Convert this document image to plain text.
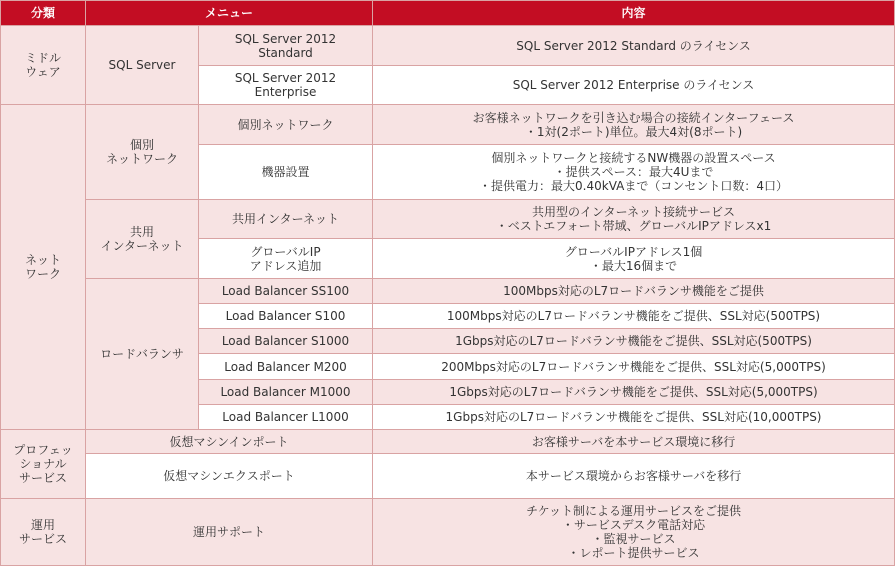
分類	メニュー		内容

ミドル
ウェア	SQL Server	SQL Server 2012
Standard	SQL Server 2012 Standard のライセンス

		SQL Server 2012
Enterprise	SQL Server 2012 Enterprise のライセンス

ネット
ワーク	個別
ネットワーク	個別ネットワーク	お客様ネットワークを引き込む場合の接続インターフェース
・1対(2ポート)単位。最大4対(8ポート)

		機器設置	個別ネットワークと接続するNW機器の設置スペース
・提供スペース：最大4Uまで
・提供電力：最大0.40kVAまで（コンセント口数：4口）

	共用
インターネット	共用インターネット	共用型のインターネット接続サービス
・ベストエフォート帯域、グローバルIPアドレスx1

		グローバルIP
アドレス追加	グローバルIPアドレス1個
・最大16個まで

	ロードバランサ	Load Balancer SS100	100Mbps対応のL7ロードバランサ機能をご提供

		Load Balancer S100	100Mbps対応のL7ロードバランサ機能をご提供、SSL対応(500TPS)

		Load Balancer S1000	1Gbps対応のL7ロードバランサ機能をご提供、SSL対応(500TPS)

		Load Balancer M200	200Mbps対応のL7ロードバランサ機能をご提供、SSL対応(5,000TPS)

		Load Balancer M1000	1Gbps対応のL7ロードバランサ機能をご提供、SSL対応(5,000TPS)

		Load Balancer L1000	1Gbps対応のL7ロードバランサ機能をご提供、SSL対応(10,000TPS)

プロフェッ
ショナル
サービス	仮想マシンインポート		お客様サーバを本サービス環境に移行

	仮想マシンエクスポート		本サービス環境からお客様サーバを移行

運用
サービス	運用サポート		チケット制による運用サービスをご提供
・サービスデスク電話対応
・監視サービス
・レポート提供サービス
